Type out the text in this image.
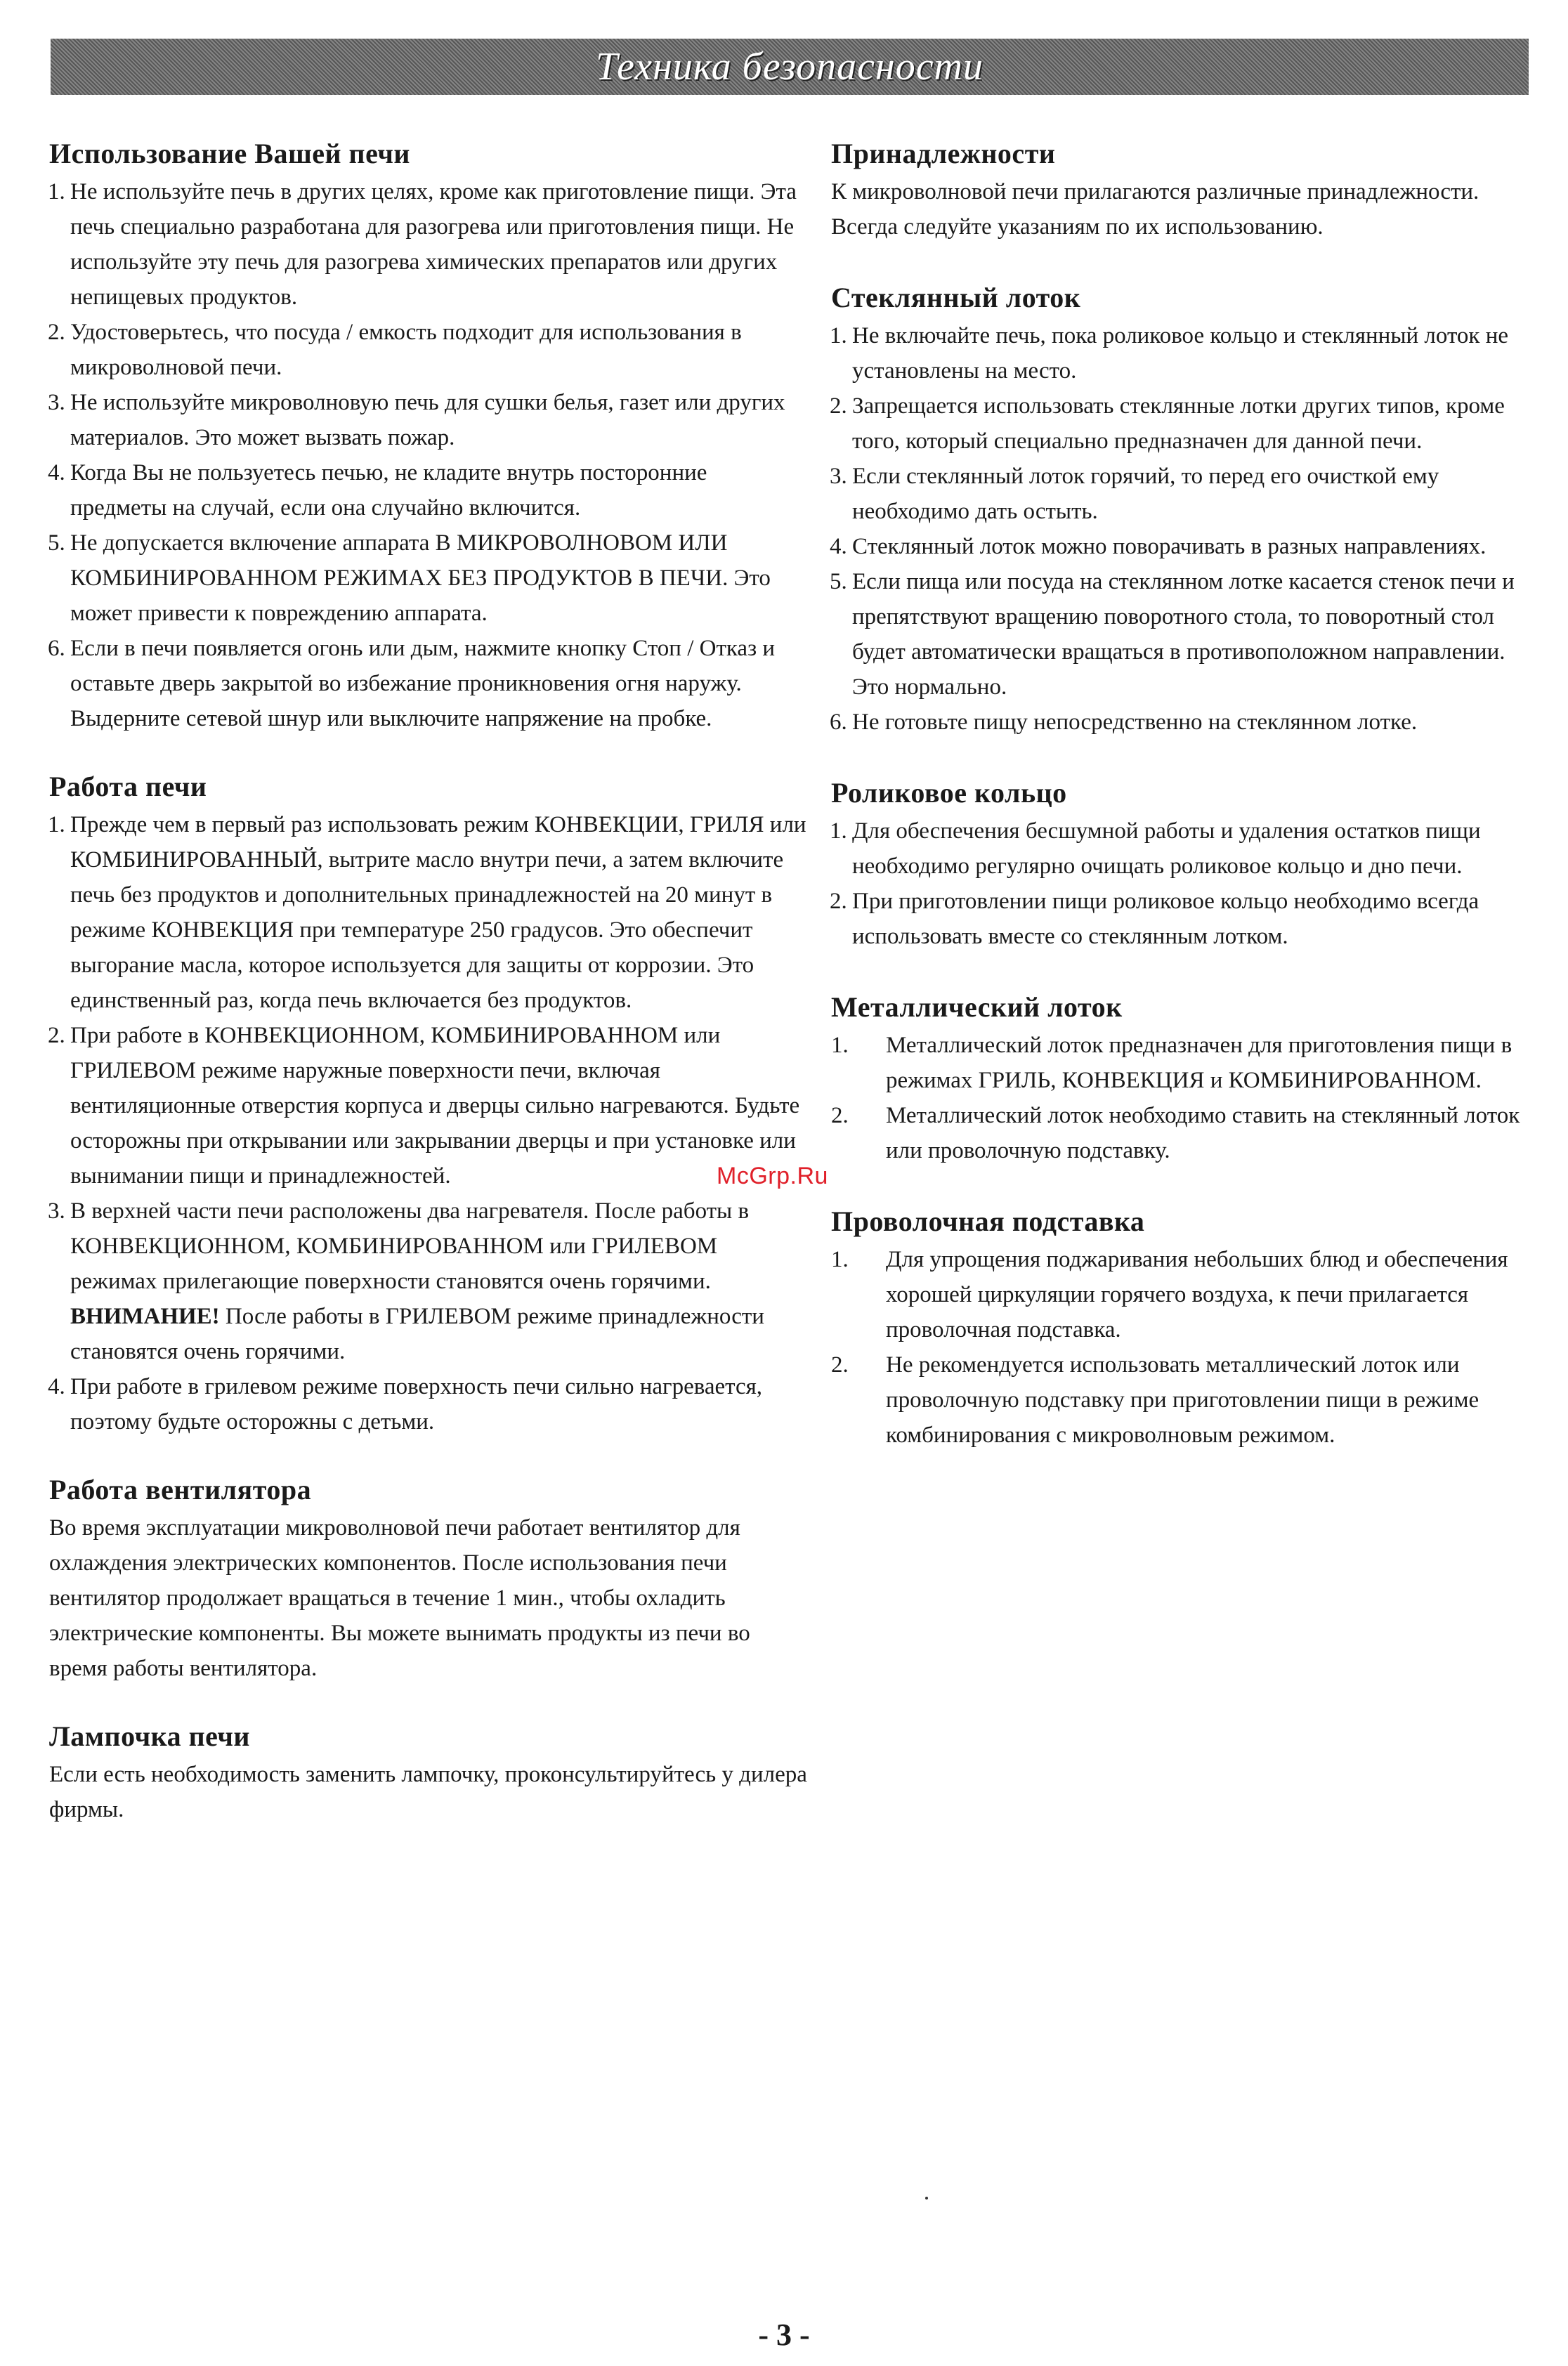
Техника безопасности
Использование Вашей печи
1. Не используйте печь в других целях, кроме как приготовление пищи. Эта печь специально разработана для разогрева или приготовления пищи. Не используйте эту печь для разогрева химических препаратов или других непищевых продуктов.
2. Удостоверьтесь, что посуда / емкость подходит для использования в микроволновой печи.
3. Не используйте микроволновую печь для сушки белья, газет или других материалов. Это может вызвать пожар.
4. Когда Вы не пользуетесь печью, не кладите внутрь посторонние предметы на случай, если она случайно включится.
5. Не допускается включение аппарата В МИКРОВОЛНОВОМ ИЛИ КОМБИНИРОВАННОМ РЕЖИМАХ БЕЗ ПРОДУКТОВ В ПЕЧИ. Это может привести к повреждению аппарата.
6. Если в печи появляется огонь или дым, нажмите кнопку Стоп / Отказ и оставьте дверь закрытой во избежание проникновения огня наружу. Выдерните сетевой шнур или выключите напряжение на пробке.
Работа печи
1. Прежде чем в первый раз использовать режим КОНВЕКЦИИ, ГРИЛЯ или КОМБИНИРОВАННЫЙ, вытрите масло внутри печи, а затем включите печь без продуктов и дополнительных принадлежностей на 20 минут в режиме КОНВЕКЦИЯ при температуре 250 градусов. Это обеспечит выгорание масла, которое используется для защиты от коррозии. Это единственный раз, когда печь включается без продуктов.
2. При работе в КОНВЕКЦИОННОМ, КОМБИНИРОВАННОМ или ГРИЛЕВОМ режиме наружные поверхности печи, включая вентиляционные отверстия корпуса и дверцы сильно нагреваются. Будьте осторожны при открывании или закрывании дверцы и при установке или вынимании пищи и принадлежностей.
3. В верхней части печи расположены два нагревателя. После работы в КОНВЕКЦИОННОМ, КОМБИНИРОВАННОМ или ГРИЛЕВОМ режимах прилегающие поверхности становятся очень горячими. ВНИМАНИЕ! После работы в ГРИЛЕВОМ режиме принадлежности становятся очень горячими.
4. При работе в грилевом режиме поверхность печи сильно нагревается, поэтому будьте осторожны с детьми.
Работа вентилятора

Во время эксплуатации микроволновой печи работает вентилятор для охлаждения электрических компонентов. После использования печи вентилятор продолжает вращаться в течение 1 мин., чтобы охладить электрические компоненты. Вы можете вынимать продукты из печи во время работы вентилятора.

Лампочка печи

Если есть необходимость заменить лампочку, проконсультируйтесь у дилера фирмы.

Принадлежности

К микроволновой печи прилагаются различные принадлежности. Всегда следуйте указаниям по их использованию.

Стеклянный лоток
1. Не включайте печь, пока роликовое кольцо и стеклянный лоток не установлены на место.
2. Запрещается использовать стеклянные лотки других типов, кроме того, который специально предназначен для данной печи.
3. Если стеклянный лоток горячий, то перед его очисткой ему необходимо дать остыть.
4. Стеклянный лоток можно поворачивать в разных направлениях.
5. Если пища или посуда на стеклянном лотке касается стенок печи и препятствуют вращению поворотного стола, то поворотный стол будет автоматически вращаться в противоположном направлении. Это нормально.
6. Не готовьте пищу непосредственно на стеклянном лотке.
Роликовое кольцо
1. Для обеспечения бесшумной работы и удаления остатков пищи необходимо регулярно очищать роликовое кольцо и дно печи.
2. При приготовлении пищи роликовое кольцо необходимо всегда использовать вместе со стеклянным лотком.
Металлический лоток
1. Металлический лоток предназначен для приготовления пищи в режимах ГРИЛЬ, КОНВЕКЦИЯ и КОМБИНИРОВАННОМ.
2. Металлический лоток необходимо ставить на стеклянный лоток или проволочную подставку.
Проволочная подставка
1. Для упрощения поджаривания небольших блюд и обеспечения хорошей циркуляции горячего воздуха, к печи прилагается проволочная подставка.
2. Не рекомендуется использовать металлический лоток или проволочную подставку при приготовлении пищи в режиме комбинирования с микроволновым режимом.
McGrp.Ru
- 3 -
